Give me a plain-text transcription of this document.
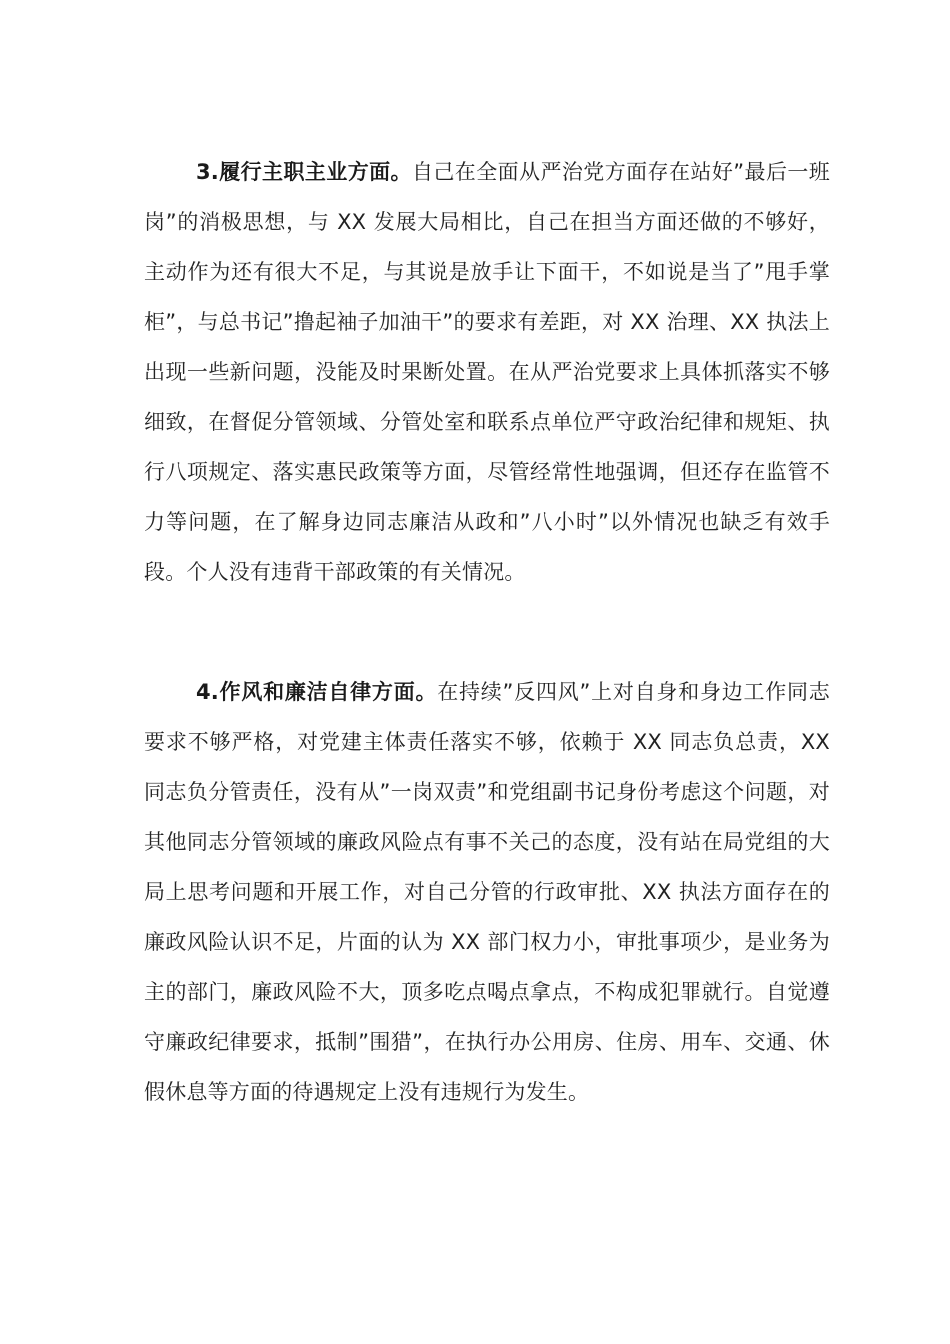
3.履行主职主业方面。自己在全面从严治党方面存在站好”最后一班岗”的消极思想，与 XX 发展大局相比，自己在担当方面还做的不够好，主动作为还有很大不足，与其说是放手让下面干，不如说是当了”甩手掌柜”，与总书记”撸起袖子加油干”的要求有差距，对 XX 治理、XX 执法上出现一些新问题，没能及时果断处置。在从严治党要求上具体抓落实不够细致，在督促分管领域、分管处室和联系点单位严守政治纪律和规矩、执行八项规定、落实惠民政策等方面，尽管经常性地强调，但还存在监管不力等问题，在了解身边同志廉洁从政和”八小时”以外情况也缺乏有效手段。个人没有违背干部政策的有关情况。

4.作风和廉洁自律方面。在持续”反四风”上对自身和身边工作同志要求不够严格，对党建主体责任落实不够，依赖于 XX 同志负总责，XX 同志负分管责任，没有从”一岗双责”和党组副书记身份考虑这个问题，对其他同志分管领域的廉政风险点有事不关己的态度，没有站在局党组的大局上思考问题和开展工作，对自己分管的行政审批、XX 执法方面存在的廉政风险认识不足，片面的认为 XX 部门权力小，审批事项少，是业务为主的部门，廉政风险不大，顶多吃点喝点拿点，不构成犯罪就行。自觉遵守廉政纪律要求，抵制”围猎”，在执行办公用房、住房、用车、交通、休假休息等方面的待遇规定上没有违规行为发生。
